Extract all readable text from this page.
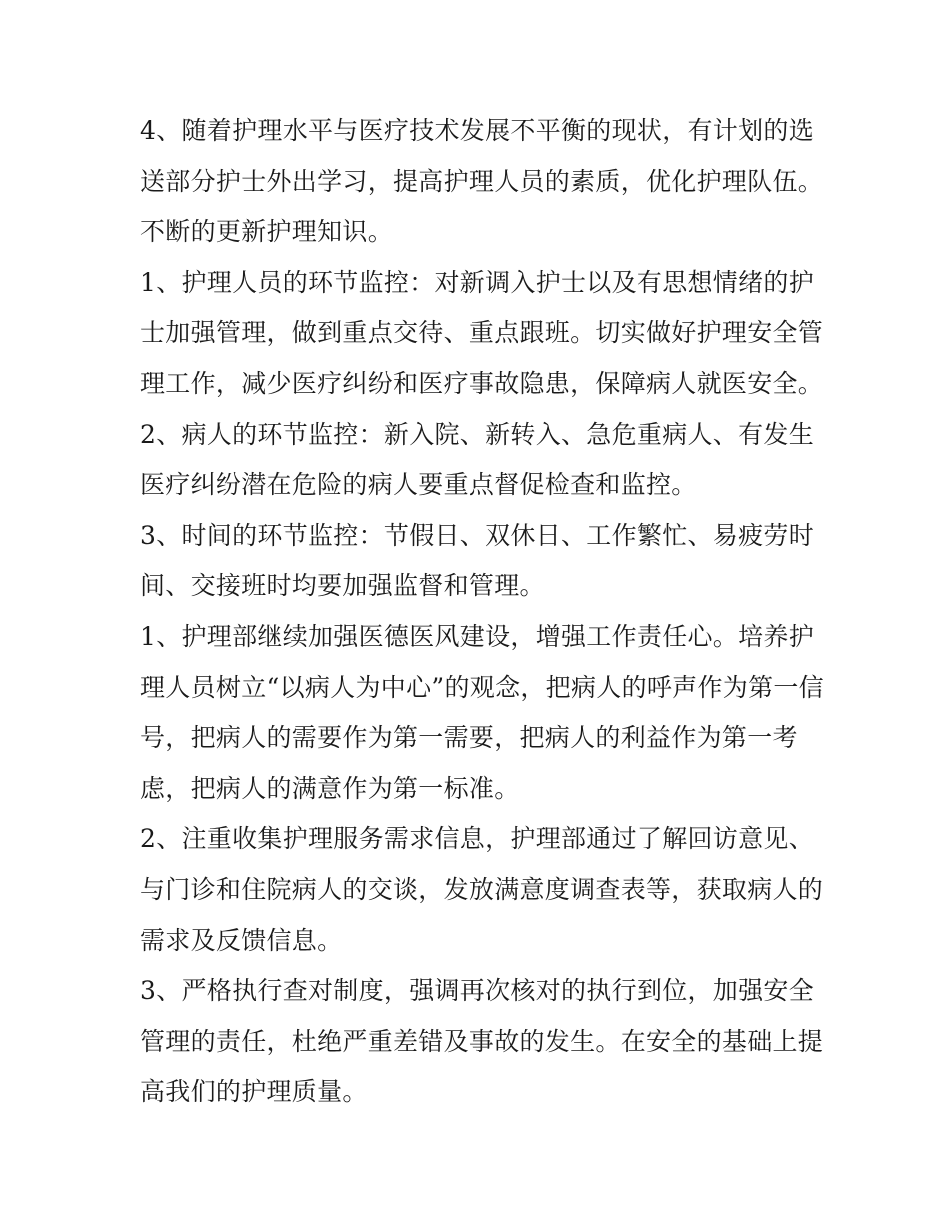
4、随着护理水平与医疗技术发展不平衡的现状，有计划的选
送部分护士外出学习，提高护理人员的素质，优化护理队伍。
不断的更新护理知识。

1、护理人员的环节监控：对新调入护士以及有思想情绪的护
士加强管理，做到重点交待、重点跟班。切实做好护理安全管
理工作，减少医疗纠纷和医疗事故隐患，保障病人就医安全。

2、病人的环节监控：新入院、新转入、急危重病人、有发生
医疗纠纷潜在危险的病人要重点督促检查和监控。

3、时间的环节监控：节假日、双休日、工作繁忙、易疲劳时
间、交接班时均要加强监督和管理。

1、护理部继续加强医德医风建设，增强工作责任心。培养护
理人员树立“以病人为中心”的观念，把病人的呼声作为第一信
号，把病人的需要作为第一需要，把病人的利益作为第一考
虑，把病人的满意作为第一标准。

2、注重收集护理服务需求信息，护理部通过了解回访意见、
与门诊和住院病人的交谈，发放满意度调查表等，获取病人的
需求及反馈信息。

3、严格执行查对制度，强调再次核对的执行到位，加强安全
管理的责任，杜绝严重差错及事故的发生。在安全的基础上提
高我们的护理质量。
